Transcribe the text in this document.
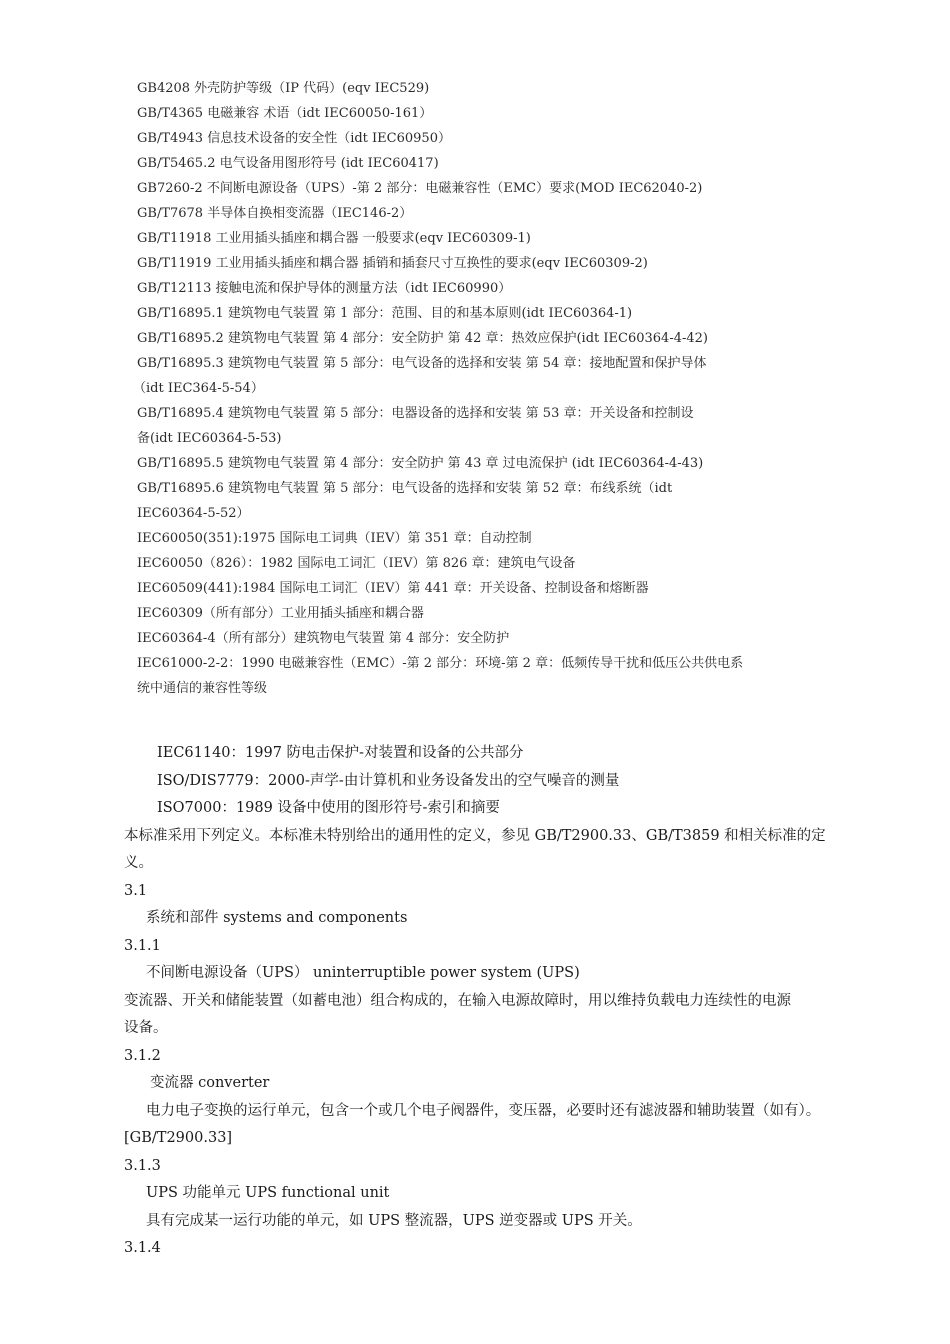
GB4208 外壳防护等级（IP 代码）(eqv IEC529)
GB/T4365 电磁兼容 术语（idt IEC60050-161）
GB/T4943 信息技术设备的安全性（idt IEC60950）
GB/T5465.2 电气设备用图形符号 (idt IEC60417)
GB7260-2 不间断电源设备（UPS）-第 2 部分：电磁兼容性（EMC）要求(MOD IEC62040-2)
GB/T7678 半导体自换相变流器（IEC146-2）
GB/T11918 工业用插头插座和耦合器 一般要求(eqv IEC60309-1)
GB/T11919 工业用插头插座和耦合器 插销和插套尺寸互换性的要求(eqv IEC60309-2)
GB/T12113 接触电流和保护导体的测量方法（idt IEC60990）
GB/T16895.1 建筑物电气装置 第 1 部分：范围、目的和基本原则(idt IEC60364-1)
GB/T16895.2 建筑物电气装置 第 4 部分：安全防护 第 42 章：热效应保护(idt IEC60364-4-42)
GB/T16895.3 建筑物电气装置 第 5 部分：电气设备的选择和安装 第 54 章：接地配置和保护导体
（idt IEC364-5-54）
GB/T16895.4 建筑物电气装置 第 5 部分：电器设备的选择和安装 第 53 章：开关设备和控制设
备(idt IEC60364-5-53)
GB/T16895.5 建筑物电气装置 第 4 部分：安全防护 第 43 章 过电流保护 (idt IEC60364-4-43)
GB/T16895.6 建筑物电气装置 第 5 部分：电气设备的选择和安装 第 52 章：布线系统（idt
IEC60364-5-52）
IEC60050(351):1975 国际电工词典（IEV）第 351 章：自动控制
IEC60050（826）：1982 国际电工词汇（IEV）第 826 章：建筑电气设备
IEC60509(441):1984 国际电工词汇（IEV）第 441 章：开关设备、控制设备和熔断器
IEC60309（所有部分）工业用插头插座和耦合器
IEC60364-4（所有部分）建筑物电气装置 第 4 部分：安全防护
IEC61000-2-2：1990 电磁兼容性（EMC）-第 2 部分：环境-第 2 章：低频传导干扰和低压公共供电系
统中通信的兼容性等级
IEC61140：1997 防电击保护-对装置和设备的公共部分
ISO/DIS7779：2000-声学-由计算机和业务设备发出的空气噪音的测量
ISO7000：1989 设备中使用的图形符号-索引和摘要
本标准采用下列定义。本标准未特别给出的通用性的定义，参见 GB/T2900.33、GB/T3859 和相关标准的定
义。
3.1
系统和部件 systems and components
3.1.1
不间断电源设备（UPS） uninterruptible power system (UPS)
变流器、开关和储能装置（如蓄电池）组合构成的，在输入电源故障时，用以维持负载电力连续性的电源
设备。
3.1.2
变流器 converter
电力电子变换的运行单元，包含一个或几个电子阀器件，变压器，必要时还有滤波器和辅助装置（如有）。
[GB/T2900.33]
3.1.3
UPS 功能单元 UPS functional unit
具有完成某一运行功能的单元，如 UPS 整流器，UPS 逆变器或 UPS 开关。
3.1.4
